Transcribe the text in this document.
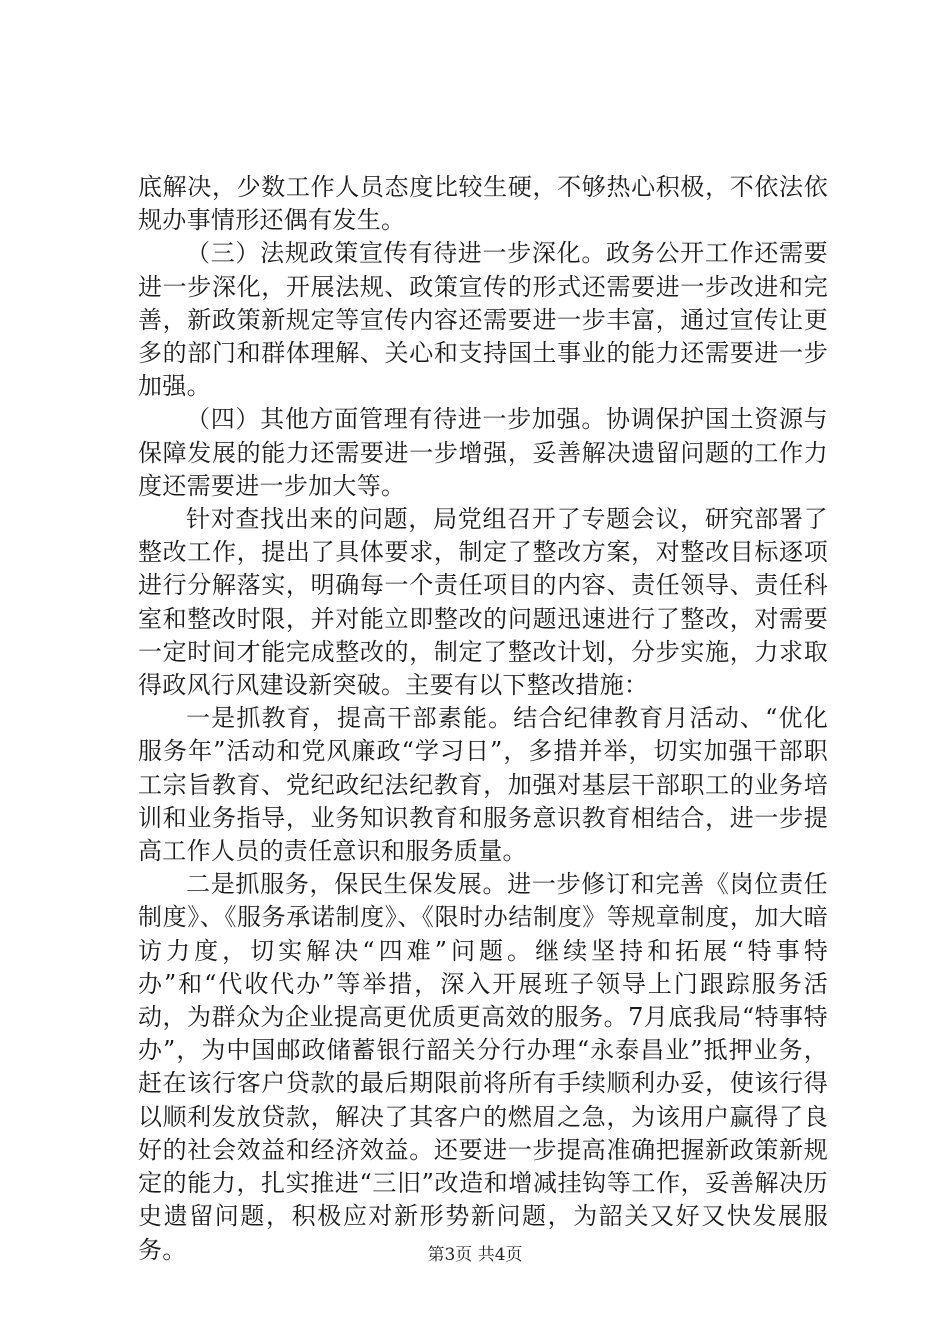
底解决，少数工作人员态度比较生硬，不够热心积极，不依法依规办事情形还偶有发生。

（三）法规政策宣传有待进一步深化。政务公开工作还需要进一步深化，开展法规、政策宣传的形式还需要进一步改进和完善，新政策新规定等宣传内容还需要进一步丰富，通过宣传让更多的部门和群体理解、关心和支持国土事业的能力还需要进一步加强。

（四）其他方面管理有待进一步加强。协调保护国土资源与保障发展的能力还需要进一步增强，妥善解决遗留问题的工作力度还需要进一步加大等。

针对查找出来的问题，局党组召开了专题会议，研究部署了整改工作，提出了具体要求，制定了整改方案，对整改目标逐项进行分解落实，明确每一个责任项目的内容、责任领导、责任科室和整改时限，并对能立即整改的问题迅速进行了整改，对需要一定时间才能完成整改的，制定了整改计划，分步实施，力求取得政风行风建设新突破。主要有以下整改措施：

一是抓教育，提高干部素能。结合纪律教育月活动、“优化服务年”活动和党风廉政“学习日”，多措并举，切实加强干部职工宗旨教育、党纪政纪法纪教育，加强对基层干部职工的业务培训和业务指导，业务知识教育和服务意识教育相结合，进一步提高工作人员的责任意识和服务质量。

二是抓服务，保民生保发展。进一步修订和完善《岗位责任制度》、《服务承诺制度》、《限时办结制度》等规章制度，加大暗访力度，切实解决“四难”问题。继续坚持和拓展“特事特办”和“代收代办”等举措，深入开展班子领导上门跟踪服务活动，为群众为企业提高更优质更高效的服务。7月底我局“特事特办”，为中国邮政储蓄银行韶关分行办理“永泰昌业”抵押业务，赶在该行客户贷款的最后期限前将所有手续顺利办妥，使该行得以顺利发放贷款，解决了其客户的燃眉之急，为该用户赢得了良好的社会效益和经济效益。还要进一步提高准确把握新政策新规定的能力，扎实推进“三旧”改造和增减挂钩等工作，妥善解决历史遗留问题，积极应对新形势新问题，为韶关又好又快发展服务。	第3页 共4页
